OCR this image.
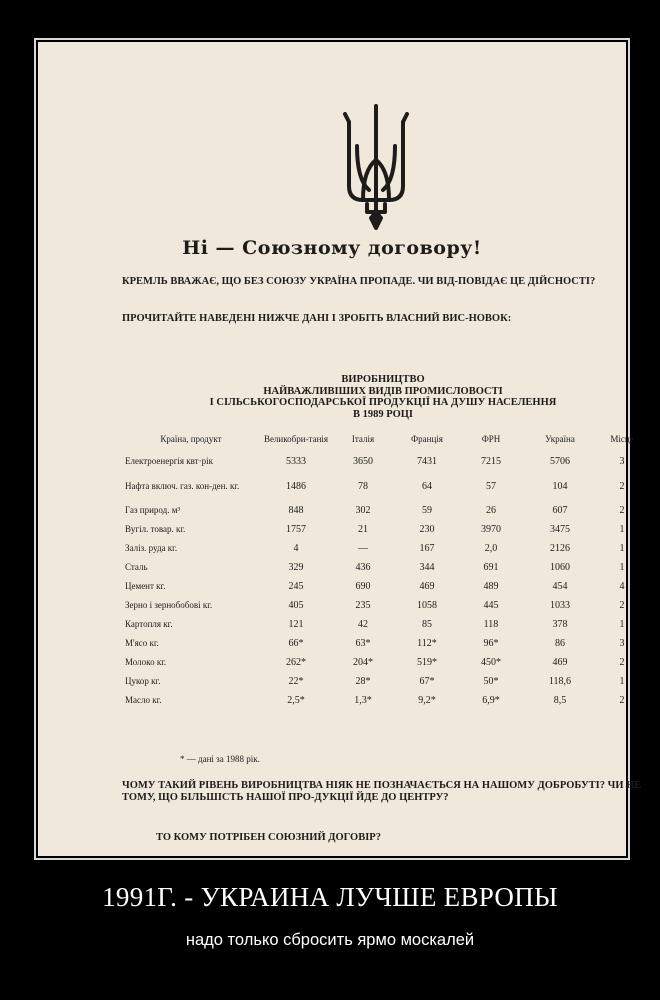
Ні — Союзному договору!
КРЕМЛЬ ВВАЖАЄ, ЩО БЕЗ СОЮЗУ УКРАЇНА ПРОПАДЕ. ЧИ ВІД-ПОВІДАЄ ЦЕ ДІЙСНОСТІ?
ПРОЧИТАЙТЕ НАВЕДЕНІ НИЖЧЕ ДАНІ І ЗРОБІТЬ ВЛАСНИЙ ВИС-НОВОК:
ВИРОБНИЦТВО
НАЙВАЖЛИВІШИХ ВИДІВ ПРОМИСЛОВОСТІ
І СІЛЬСЬКОГОСПОДАРСЬКОЇ ПРОДУКЦІЇ НА ДУШУ НАСЕЛЕННЯ
В 1989 РОЦІ
Країна, продукт	Великобри-танія	Італія	Франція	ФРН	Україна	Місце
Електроенергія квт·рік	5333	3650	7431	7215	5706	3
Нафта включ. газ. кон-ден. кг.	1486	78	64	57	104	2
Газ природ. м³	848	302	59	26	607	2
Вугіл. товар. кг.	1757	21	230	3970	3475	1
Заліз. руда кг.	4	—	167	2,0	2126	1
Сталь	329	436	344	691	1060	1
Цемент кг.	245	690	469	489	454	4
Зерно і зернобобові кг.	405	235	1058	445	1033	2
Картопля кг.	121	42	85	118	378	1
М'ясо кг.	66*	63*	112*	96*	86	3
Молоко кг.	262*	204*	519*	450*	469	2
Цукор кг.	22*	28*	67*	50*	118,6	1
Масло кг.	2,5*	1,3*	9,2*	6,9*	8,5	2
* — дані за 1988 рік.
ЧОМУ ТАКИЙ РІВЕНЬ ВИРОБНИЦТВА НІЯК НЕ ПОЗНАЧАЄТЬСЯ НА НАШОМУ ДОБРОБУТІ? ЧИ НЕ ТОМУ, ЩО БІЛЬШІСТЬ НАШОЇ ПРО-ДУКЦІЇ ЙДЕ ДО ЦЕНТРУ?
ТО КОМУ ПОТРІБЕН СОЮЗНИЙ ДОГОВІР?
1991Г. - УКРАИНА ЛУЧШЕ ЕВРОПЫ
надо только сбросить ярмо москалей
